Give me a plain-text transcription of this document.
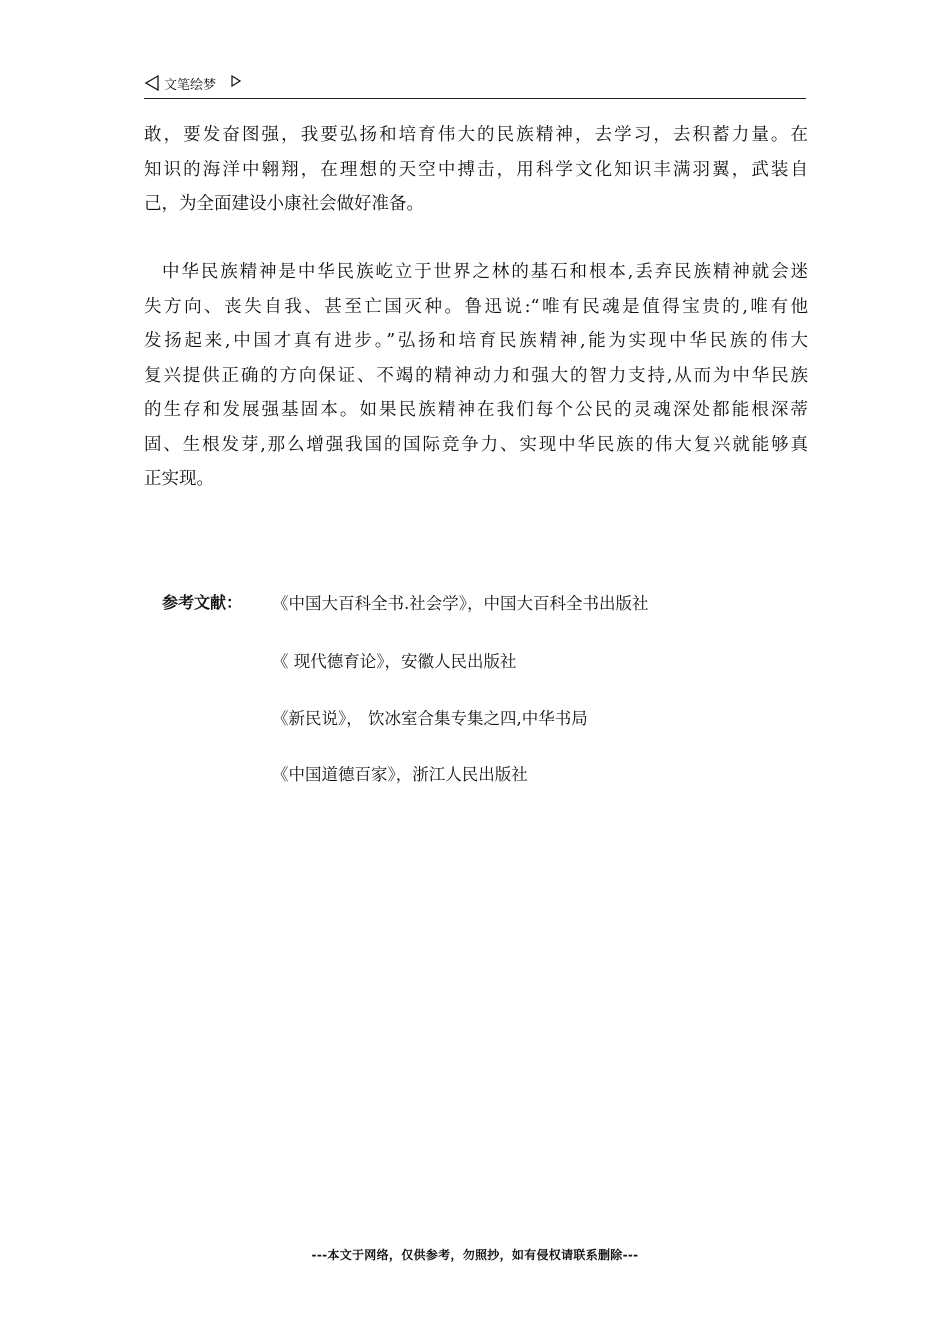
文笔绘梦
敢，要发奋图强，我要弘扬和培育伟大的民族精神，去学习，去积蓄力量。在
知识的海洋中翱翔，在理想的天空中搏击，用科学文化知识丰满羽翼，武装自
己，为全面建设小康社会做好准备。
中华民族精神是中华民族屹立于世界之林的基石和根本,丢弃民族精神就会迷
失方向、丧失自我、甚至亡国灭种。鲁迅说:“唯有民魂是值得宝贵的,唯有他
发扬起来,中国才真有进步。”弘扬和培育民族精神,能为实现中华民族的伟大
复兴提供正确的方向保证、不竭的精神动力和强大的智力支持,从而为中华民族
的生存和发展强基固本。如果民族精神在我们每个公民的灵魂深处都能根深蒂
固、生根发芽,那么增强我国的国际竞争力、实现中华民族的伟大复兴就能够真
正实现。
参考文献： 《中国大百科全书.社会学》，中国大百科全书出版社
《 现代德育论》，安徽人民出版社
《新民说》， 饮冰室合集专集之四,中华书局
《中国道德百家》，浙江人民出版社
---本文于网络，仅供参考，勿照抄，如有侵权请联系删除---
